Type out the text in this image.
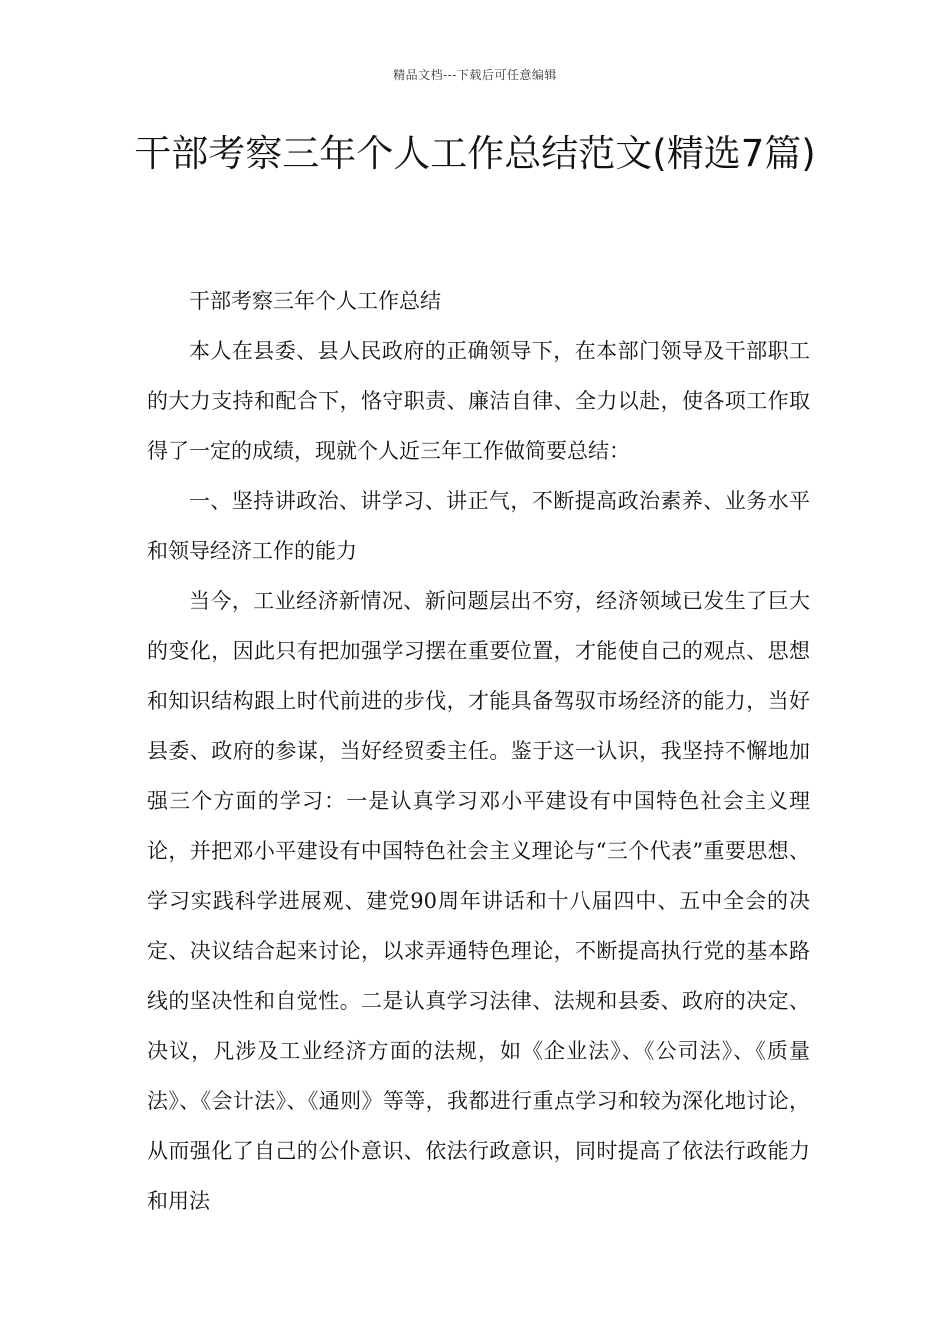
精品文档---下载后可任意编辑
干部考察三年个人工作总结范文(精选7篇)

干部考察三年个人工作总结

本人在县委、县人民政府的正确领导下，在本部门领导及干部职工的大力支持和配合下，恪守职责、廉洁自律、全力以赴，使各项工作取得了一定的成绩，现就个人近三年工作做简要总结：

一、坚持讲政治、讲学习、讲正气，不断提高政治素养、业务水平和领导经济工作的能力

当今，工业经济新情况、新问题层出不穷，经济领域已发生了巨大的变化，因此只有把加强学习摆在重要位置，才能使自己的观点、思想和知识结构跟上时代前进的步伐，才能具备驾驭市场经济的能力，当好县委、政府的参谋，当好经贸委主任。鉴于这一认识，我坚持不懈地加强三个方面的学习：一是认真学习邓小平建设有中国特色社会主义理论，并把邓小平建设有中国特色社会主义理论与“三个代表”重要思想、学习实践科学进展观、建党90周年讲话和十八届四中、五中全会的决定、决议结合起来讨论，以求弄通特色理论，不断提高执行党的基本路线的坚决性和自觉性。二是认真学习法律、法规和县委、政府的决定、决议，凡涉及工业经济方面的法规，如《企业法》、《公司法》、《质量法》、《会计法》、《通则》等等，我都进行重点学习和较为深化地讨论，从而强化了自己的公仆意识、依法行政意识，同时提高了依法行政能力和用法
